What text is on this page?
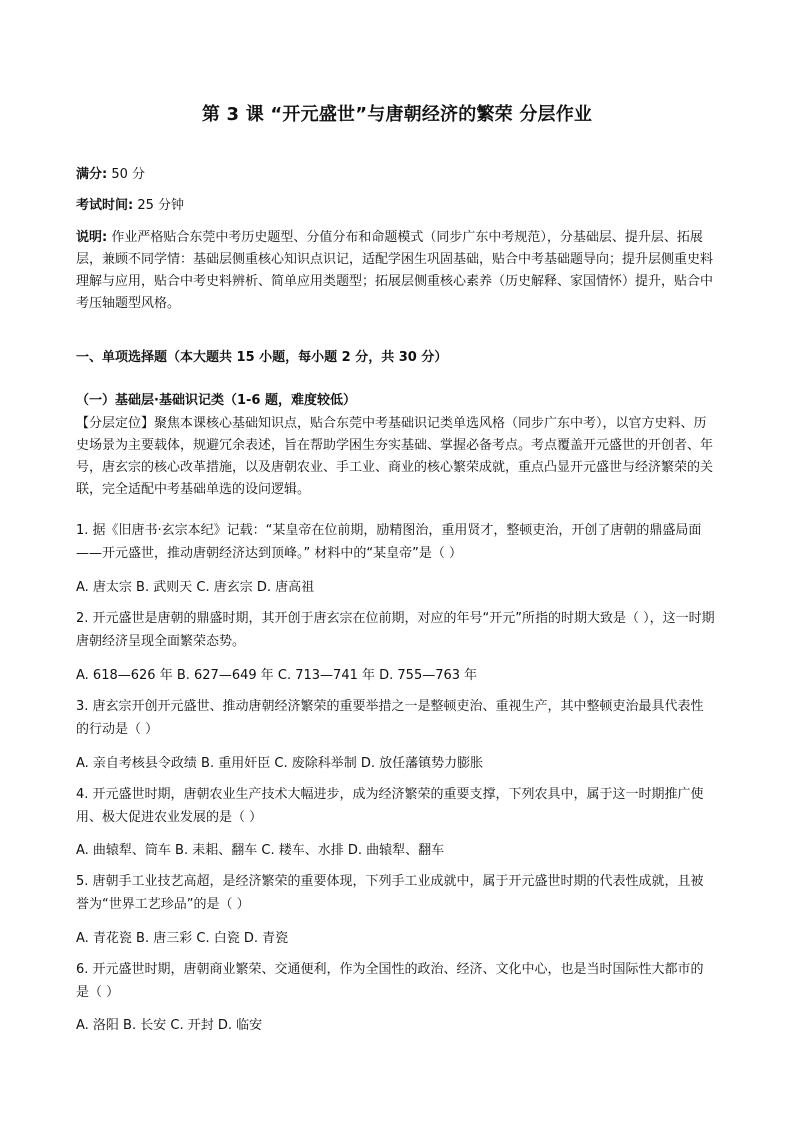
第 3 课 “开元盛世”与唐朝经济的繁荣 分层作业
满分: 50 分
考试时间: 25 分钟
说明: 作业严格贴合东莞中考历史题型、分值分布和命题模式（同步广东中考规范），分基础层、提升层、拓展层，兼顾不同学情：基础层侧重核心知识点识记，适配学困生巩固基础，贴合中考基础题导向；提升层侧重史料理解与应用，贴合中考史料辨析、简单应用类题型；拓展层侧重核心素养（历史解释、家国情怀）提升，贴合中考压轴题型风格。
一、单项选择题（本大题共 15 小题，每小题 2 分，共 30 分）
（一）基础层·基础识记类（1-6 题，难度较低）
【分层定位】聚焦本课核心基础知识点，贴合东莞中考基础识记类单选风格（同步广东中考），以官方史料、历史场景为主要载体，规避冗余表述，旨在帮助学困生夯实基础、掌握必备考点。考点覆盖开元盛世的开创者、年号，唐玄宗的核心改革措施，以及唐朝农业、手工业、商业的核心繁荣成就，重点凸显开元盛世与经济繁荣的关联，完全适配中考基础单选的设问逻辑。
1. 据《旧唐书·玄宗本纪》记载：“某皇帝在位前期，励精图治，重用贤才，整顿吏治，开创了唐朝的鼎盛局面——开元盛世，推动唐朝经济达到顶峰。” 材料中的“某皇帝”是（ ）
A. 唐太宗 B. 武则天 C. 唐玄宗 D. 唐高祖
2. 开元盛世是唐朝的鼎盛时期，其开创于唐玄宗在位前期，对应的年号“开元”所指的时期大致是（ ），这一时期唐朝经济呈现全面繁荣态势。
A. 618—626 年 B. 627—649 年 C. 713—741 年 D. 755—763 年
3. 唐玄宗开创开元盛世、推动唐朝经济繁荣的重要举措之一是整顿吏治、重视生产，其中整顿吏治最具代表性的行动是（ ）
A. 亲自考核县令政绩 B. 重用奸臣 C. 废除科举制 D. 放任藩镇势力膨胀
4. 开元盛世时期，唐朝农业生产技术大幅进步，成为经济繁荣的重要支撑，下列农具中，属于这一时期推广使用、极大促进农业发展的是（ ）
A. 曲辕犁、筒车 B. 耒耜、翻车 C. 耧车、水排 D. 曲辕犁、翻车
5. 唐朝手工业技艺高超，是经济繁荣的重要体现，下列手工业成就中，属于开元盛世时期的代表性成就，且被誉为“世界工艺珍品”的是（ ）
A. 青花瓷 B. 唐三彩 C. 白瓷 D. 青瓷
6. 开元盛世时期，唐朝商业繁荣、交通便利，作为全国性的政治、经济、文化中心，也是当时国际性大都市的是（ ）
A. 洛阳 B. 长安 C. 开封 D. 临安
